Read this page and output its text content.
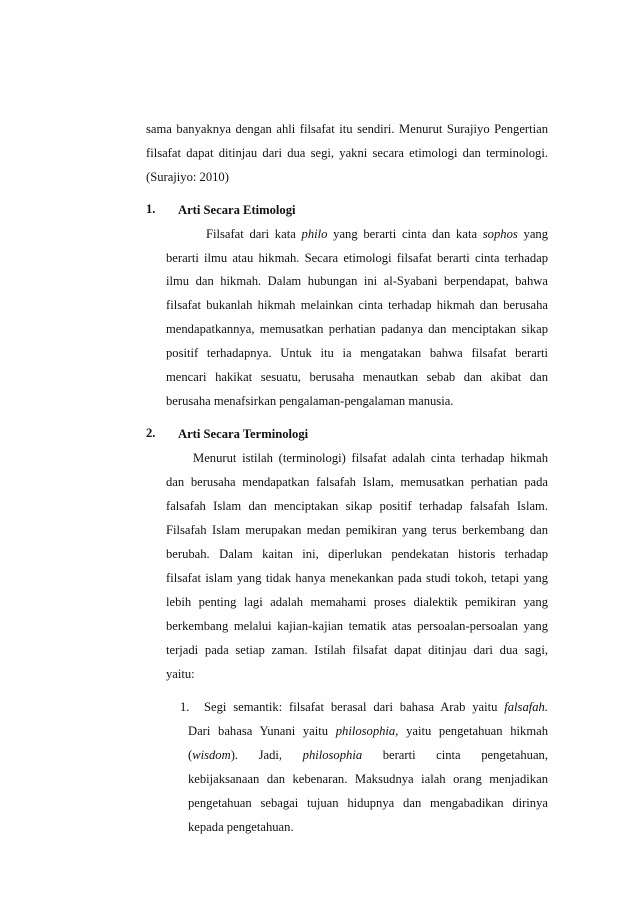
sama banyaknya dengan ahli filsafat itu sendiri. Menurut Surajiyo Pengertian
filsafat dapat ditinjau dari dua segi, yakni secara etimologi dan terminologi.
(Surajiyo: 2010)
1. Arti Secara Etimologi
Filsafat dari kata philo yang berarti cinta dan kata sophos yang
berarti ilmu atau hikmah. Secara etimologi filsafat berarti cinta terhadap
ilmu dan hikmah. Dalam hubungan ini al-Syabani berpendapat, bahwa
filsafat bukanlah hikmah melainkan cinta terhadap hikmah dan berusaha
mendapatkannya, memusatkan perhatian padanya dan menciptakan sikap
positif terhadapnya. Untuk itu ia mengatakan bahwa filsafat berarti
mencari hakikat sesuatu, berusaha menautkan sebab dan akibat dan
berusaha menafsirkan pengalaman-pengalaman manusia.
2. Arti Secara Terminologi
Menurut istilah (terminologi) filsafat adalah cinta terhadap hikmah
dan berusaha mendapatkan falsafah Islam, memusatkan perhatian pada
falsafah Islam dan menciptakan sikap positif terhadap falsafah Islam.
Filsafah Islam merupakan medan pemikiran yang terus berkembang dan
berubah. Dalam kaitan ini, diperlukan pendekatan historis terhadap
filsafat islam yang tidak hanya menekankan pada studi tokoh, tetapi yang
lebih penting lagi adalah memahami proses dialektik pemikiran yang
berkembang melalui kajian-kajian tematik atas persoalan-persoalan yang
terjadi pada setiap zaman. Istilah filsafat dapat ditinjau dari dua sagi,
yaitu:
1. Segi semantik: filsafat berasal dari bahasa Arab yaitu falsafah.
Dari bahasa Yunani yaitu philosophia, yaitu pengetahuan hikmah
(wisdom). Jadi, philosophia berarti cinta pengetahuan,
kebijaksanaan dan kebenaran. Maksudnya ialah orang menjadikan
pengetahuan sebagai tujuan hidupnya dan mengabadikan dirinya
kepada pengetahuan.
